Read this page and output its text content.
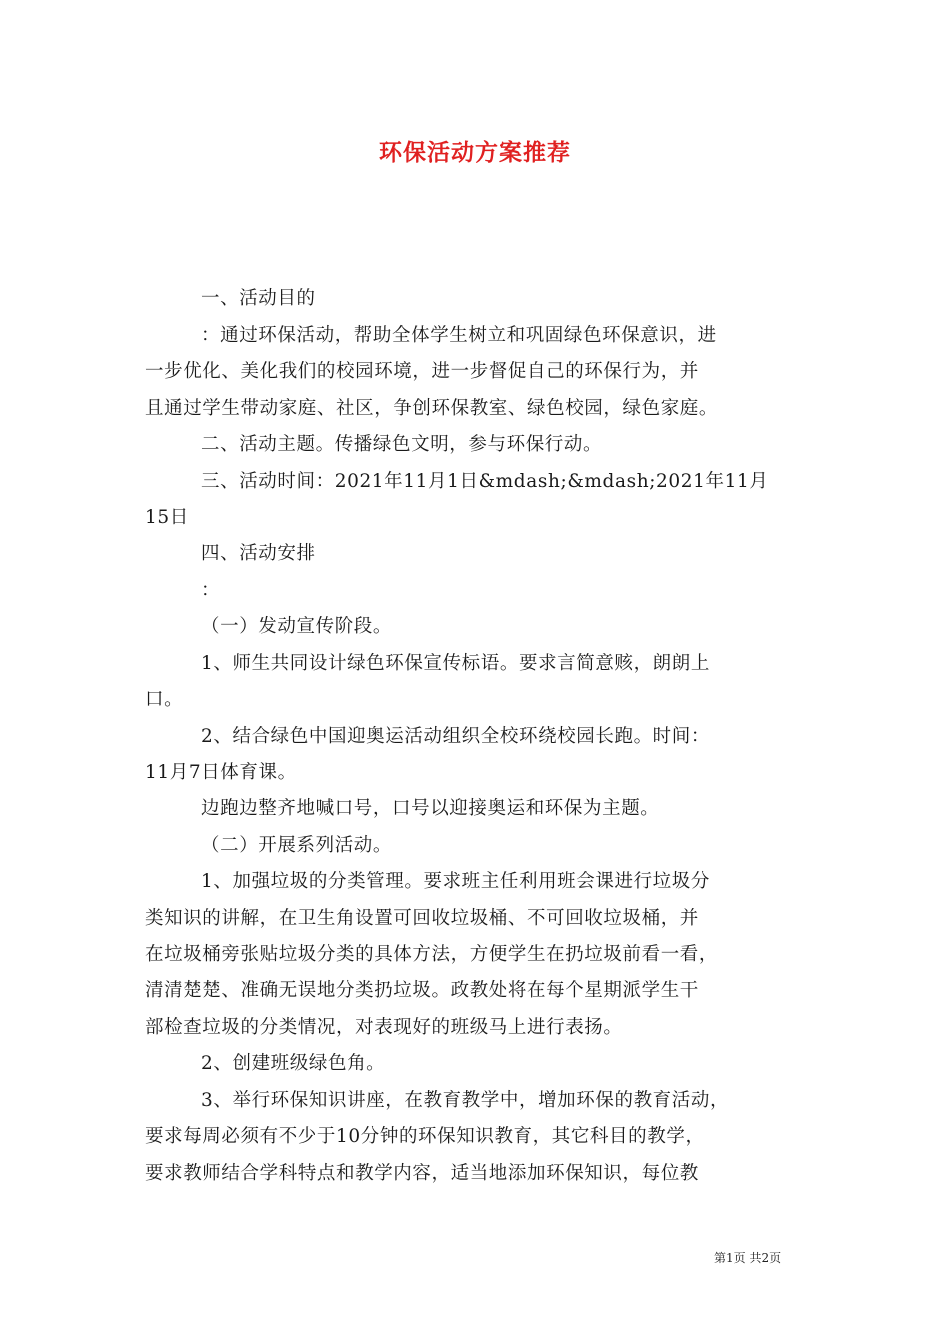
环保活动方案推荐
一、活动目的
：通过环保活动，帮助全体学生树立和巩固绿色环保意识，进
一步优化、美化我们的校园环境，进一步督促自己的环保行为，并
且通过学生带动家庭、社区，争创环保教室、绿色校园，绿色家庭。
二、活动主题。传播绿色文明，参与环保行动。
三、活动时间：2021年11月1日&mdash;&mdash;2021年11月
15日
四、活动安排
：
（一）发动宣传阶段。
1、师生共同设计绿色环保宣传标语。要求言简意赅，朗朗上
口。
2、结合绿色中国迎奥运活动组织全校环绕校园长跑。时间：
11月7日体育课。
边跑边整齐地喊口号，口号以迎接奥运和环保为主题。
（二）开展系列活动。
1、加强垃圾的分类管理。要求班主任利用班会课进行垃圾分
类知识的讲解，在卫生角设置可回收垃圾桶、不可回收垃圾桶，并
在垃圾桶旁张贴垃圾分类的具体方法，方便学生在扔垃圾前看一看，
清清楚楚、准确无误地分类扔垃圾。政教处将在每个星期派学生干
部检查垃圾的分类情况，对表现好的班级马上进行表扬。
2、创建班级绿色角。
3、举行环保知识讲座，在教育教学中，增加环保的教育活动，
要求每周必须有不少于10分钟的环保知识教育，其它科目的教学，
要求教师结合学科特点和教学内容，适当地添加环保知识，每位教
第1页 共2页
